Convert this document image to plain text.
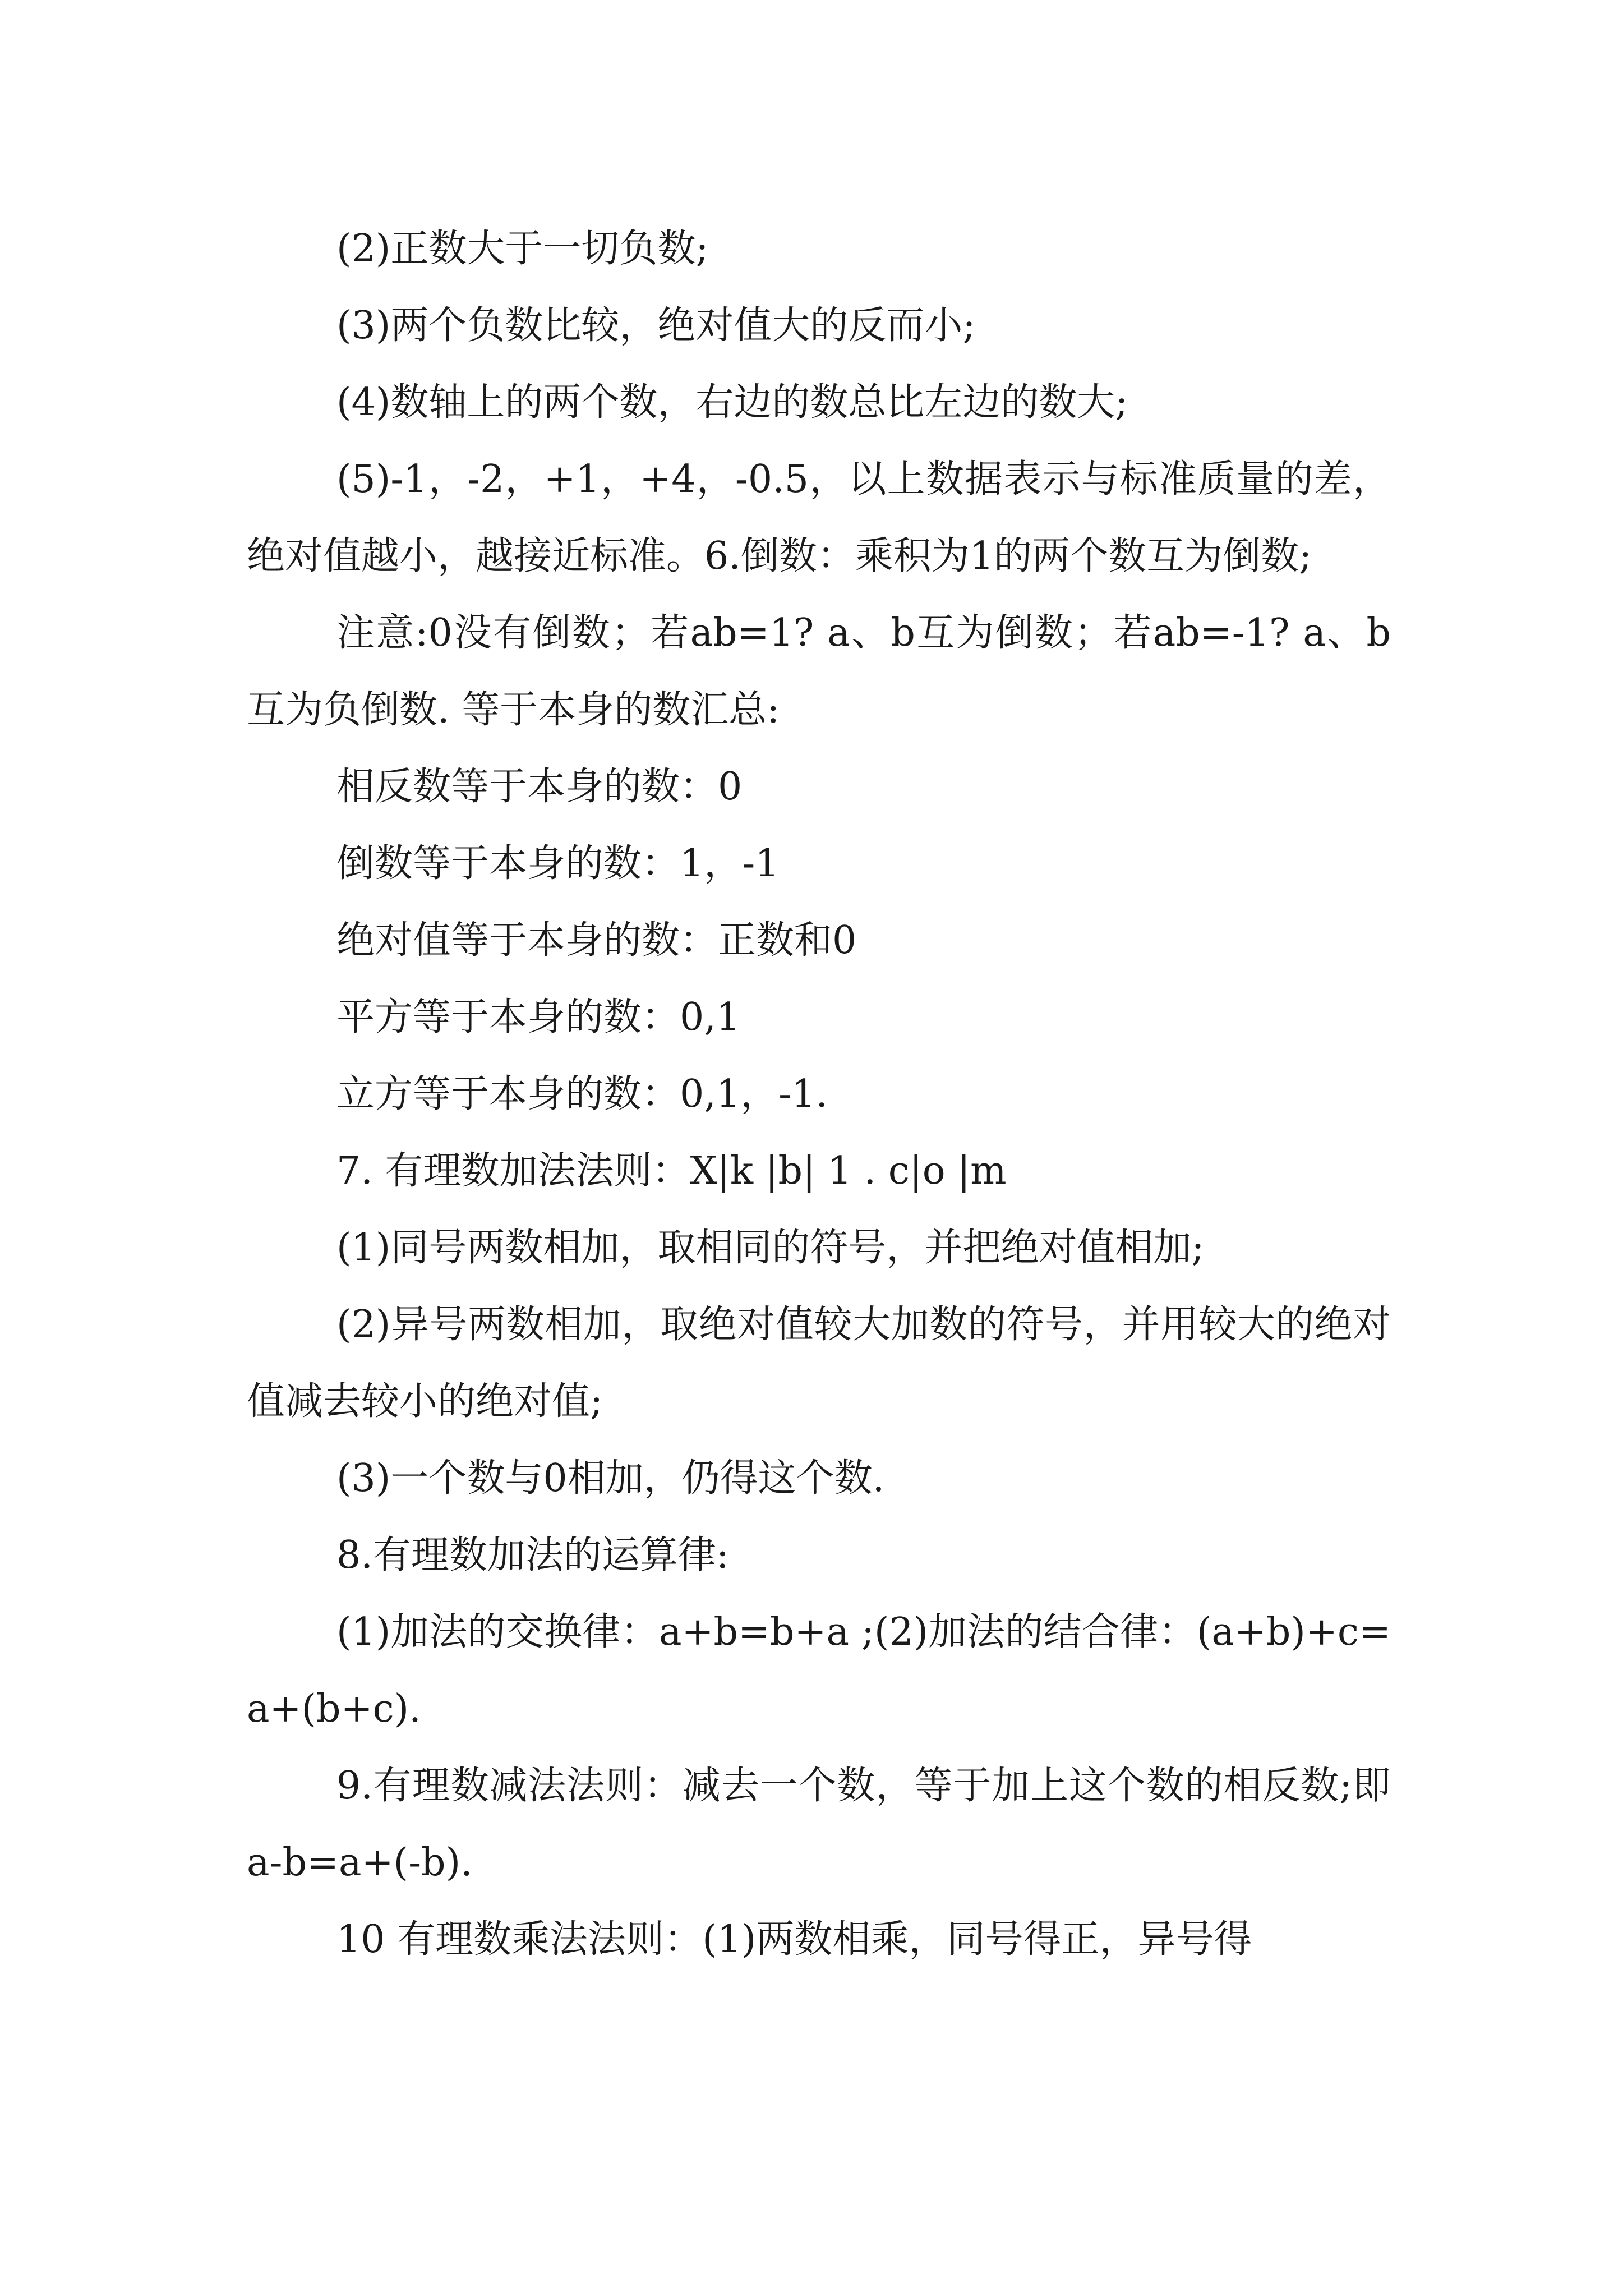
(2)正数大于一切负数;

(3)两个负数比较，绝对值大的反而小;

(4)数轴上的两个数，右边的数总比左边的数大;

(5)-1，-2，+1，+4，-0.5，以上数据表示与标准质量的差，绝对值越小，越接近标准。6.倒数：乘积为1的两个数互为倒数;

注意:0没有倒数；若ab=1? a、b互为倒数；若ab=-1? a、b互为负倒数. 等于本身的数汇总:

相反数等于本身的数：0

倒数等于本身的数：1，-1

绝对值等于本身的数：正数和0

平方等于本身的数：0,1

立方等于本身的数：0,1，-1.

7. 有理数加法法则：X|k |b| 1 . c|o |m

(1)同号两数相加，取相同的符号，并把绝对值相加;

(2)异号两数相加，取绝对值较大加数的符号，并用较大的绝对值减去较小的绝对值;

(3)一个数与0相加，仍得这个数.

8.有理数加法的运算律:

(1)加法的交换律：a+b=b+a ;(2)加法的结合律：(a+b)+c=a+(b+c).

9.有理数减法法则：减去一个数，等于加上这个数的相反数;即a-b=a+(-b).

10 有理数乘法法则：(1)两数相乘，同号得正，异号得
